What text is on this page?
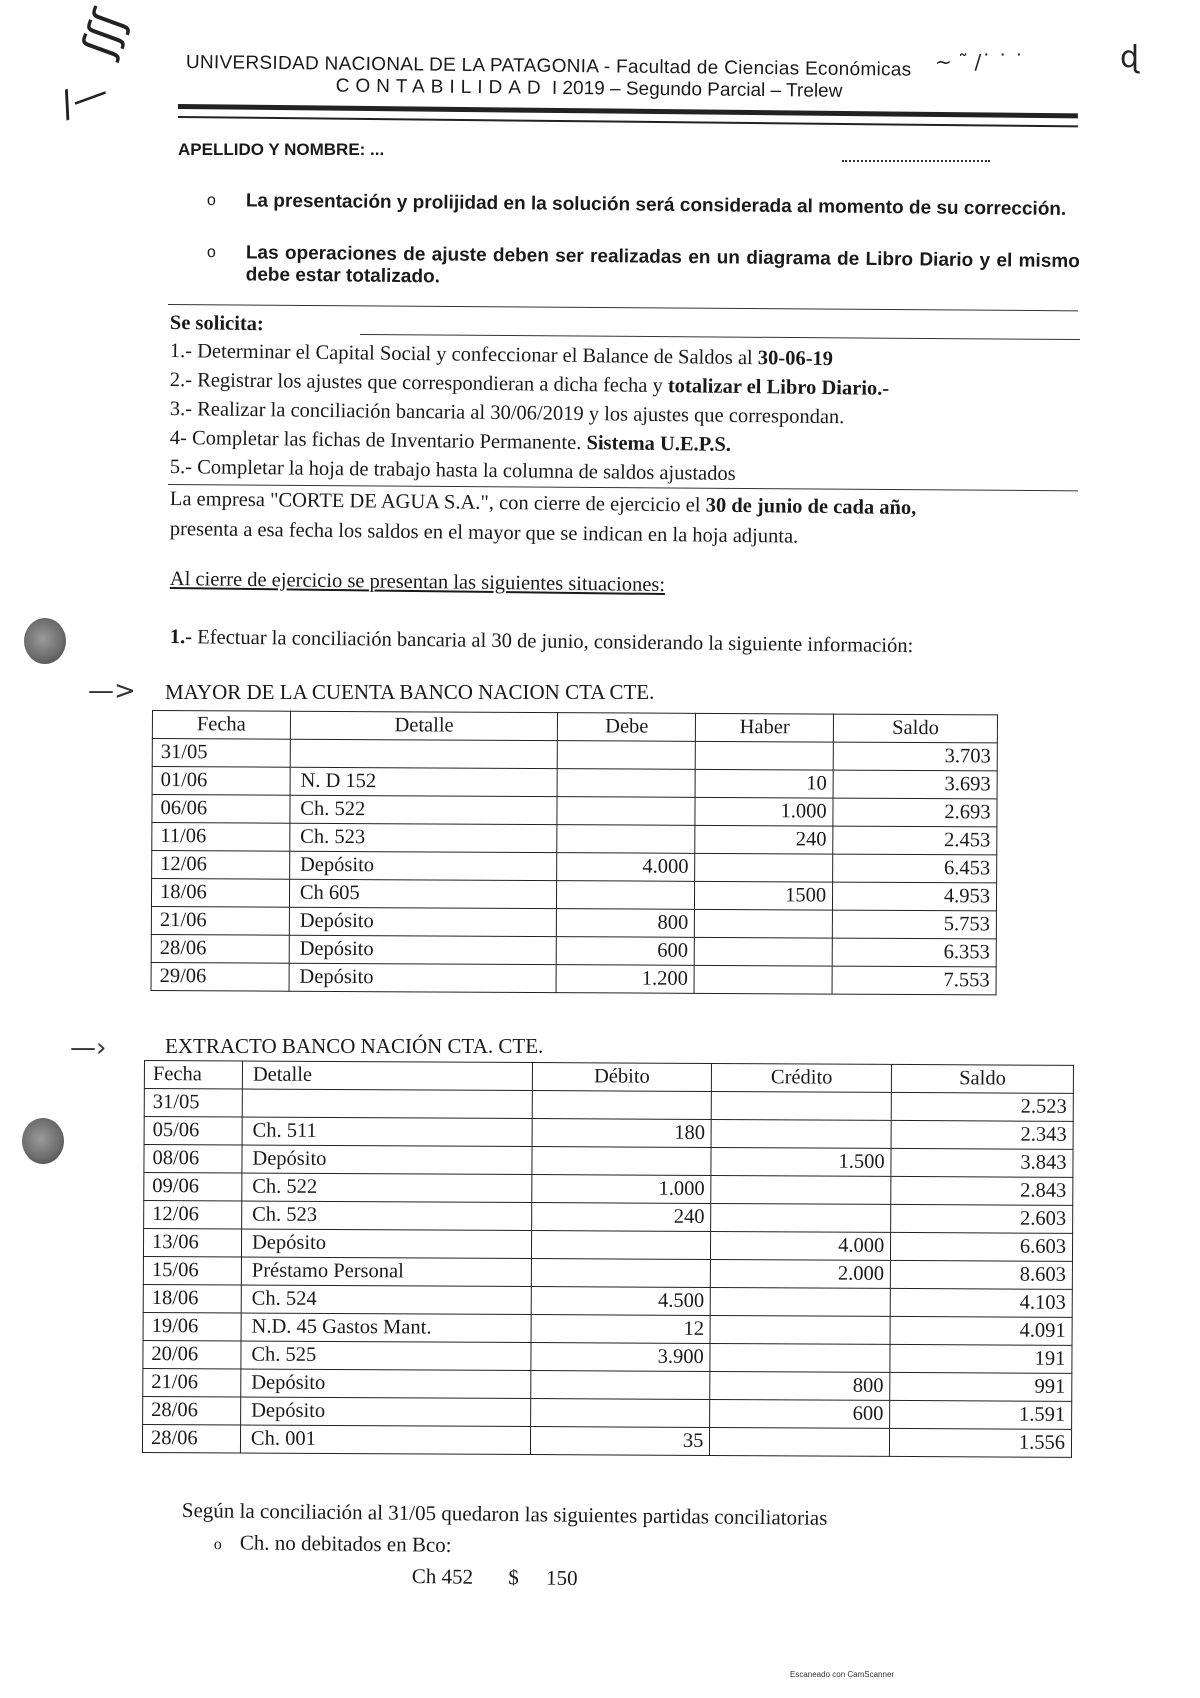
ʃʃʃ
/—
ɖ
~ ˜ /˙ ˙ ˙
UNIVERSIDAD NACIONAL DE LA PATAGONIA - Facultad de Ciencias Económicas
CONTABILIDAD I 2019 – Segundo Parcial – Trelew
APELLIDO Y NOMBRE: ...
o La presentación y prolijidad en la solución será considerada al momento de su corrección.
o Las operaciones de ajuste deben ser realizadas en un diagrama de Libro Diario y el mismo debe estar totalizado.
Se solicita:
1.- Determinar el Capital Social y confeccionar el Balance de Saldos al 30-06-19
2.- Registrar los ajustes que correspondieran a dicha fecha y totalizar el Libro Diario.-
3.- Realizar la conciliación bancaria al 30/06/2019 y los ajustes que correspondan.
4- Completar las fichas de Inventario Permanente. Sistema U.E.P.S.
5.- Completar la hoja de trabajo hasta la columna de saldos ajustados
La empresa "CORTE DE AGUA S.A.", con cierre de ejercicio el 30 de junio de cada año,
presenta a esa fecha los saldos en el mayor que se indican en la hoja adjunta.
Al cierre de ejercicio se presentan las siguientes situaciones:
1.- Efectuar la conciliación bancaria al 30 de junio, considerando la siguiente información:
—> MAYOR DE LA CUENTA BANCO NACION CTA CTE.
Fecha	Detalle	Debe	Haber	Saldo
31/05				3.703
01/06	N. D 152		10	3.693
06/06	Ch. 522		1.000	2.693
11/06	Ch. 523		240	2.453
12/06	Depósito	4.000		6.453
18/06	Ch 605		1500	4.953
21/06	Depósito	800		5.753
28/06	Depósito	600		6.353
29/06	Depósito	1.200		7.553
—›	EXTRACTO BANCO NACIÓN CTA. CTE.
Fecha	Detalle	Débito	Crédito	Saldo
31/05				2.523
05/06	Ch. 511	180		2.343
08/06	Depósito		1.500	3.843
09/06	Ch. 522	1.000		2.843
12/06	Ch. 523	240		2.603
13/06	Depósito		4.000	6.603
15/06	Préstamo Personal		2.000	8.603
18/06	Ch. 524	4.500		4.103
19/06	N.D. 45 Gastos Mant.	12		4.091
20/06	Ch. 525	3.900		191
21/06	Depósito		800	991
28/06	Depósito		600	1.591
28/06	Ch. 001	35		1.556
Según la conciliación al 31/05 quedaron las siguientes partidas conciliatorias
o Ch. no debitados en Bco:
Ch 452 $ 150
Escaneado con CamScanner
